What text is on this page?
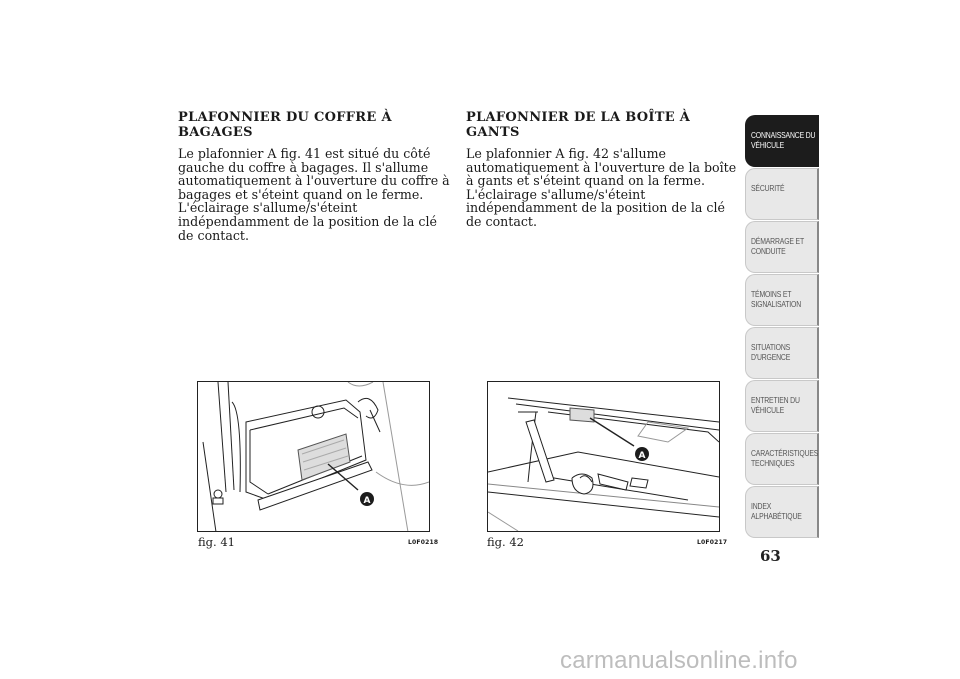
PLAFONNIER DU COFFRE À BAGAGES

Le plafonnier A fig. 41 est situé du côté gauche du coffre à bagages. Il s'allume automatiquement à l'ouverture du coffre à bagages et s'éteint quand on le ferme. L'éclairage s'allume/s'éteint indépendamment de la position de la clé de contact.

PLAFONNIER DE LA BOÎTE À GANTS

Le plafonnier A fig. 42 s'allume automatiquement à l'ouverture de la boîte à gants et s'éteint quand on la ferme. L'éclairage s'allume/s'éteint indépendamment de la position de la clé de contact.

A
fig. 41	L0F0218
A
fig. 42	L0F0217
CONNAISSANCE DU VÉHICULE
SÉCURITÉ
DÉMARRAGE ET CONDUITE
TÉMOINS ET SIGNALISATION
SITUATIONS D'URGENCE
ENTRETIEN DU VÉHICULE
CARACTÉRISTIQUES TECHNIQUES
INDEX ALPHABÉTIQUE
63
carmanualsonline.info
